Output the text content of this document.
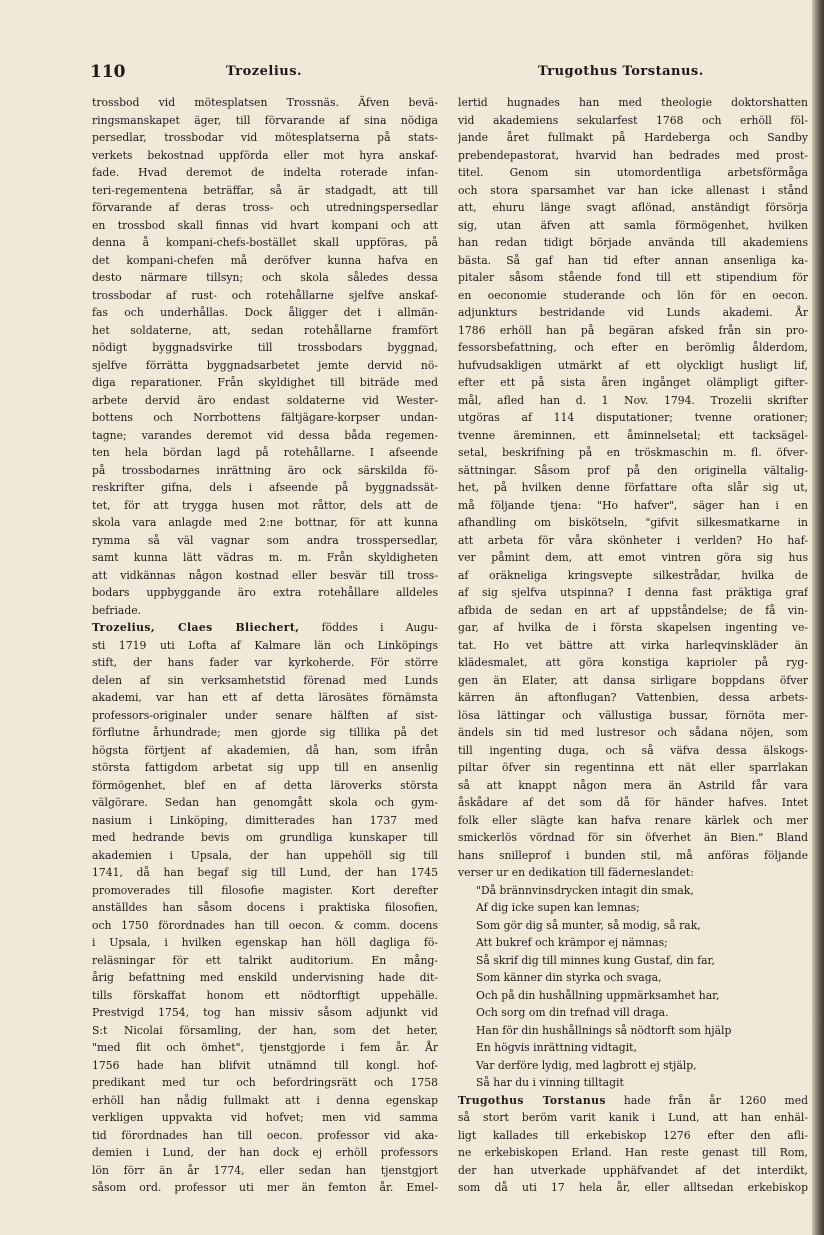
110	Trozelius.	Trugothus Torstanus.
trossbod vid mötesplatsen Trossnäs. Äfven bevä-
ringsmanskapet äger, till förvarande af sina nödiga
persedlar, trossbodar vid mötesplatserna på stats-
verkets bekostnad uppförda eller mot hyra anskaf-
fade. Hvad deremot de indelta roterade infan-
teri-regementena beträffar, så är stadgadt, att till
förvarande af deras tross- och utredningspersedlar
en trossbod skall finnas vid hvart kompani och att
denna å kompani-chefs-bostället skall uppföras, på
det kompani-chefen må deröfver kunna hafva en
desto närmare tillsyn; och skola således dessa
trossbodar af rust- och rotehållarne sjelfve anskaf-
fas och underhållas. Dock åligger det i allmän-
het soldaterne, att, sedan rotehållarne framfört
nödigt byggnadsvirke till trossbodars byggnad,
sjelfve förrätta byggnadsarbetet jemte dervid nö-
diga reparationer. Från skyldighet till biträde med
arbete dervid äro endast soldaterne vid Wester-
bottens och Norrbottens fältjägare-korpser undan-
tagne; varandes deremot vid dessa båda regemen-
ten hela bördan lagd på rotehållarne. I afseende
på trossbodarnes inrättning äro ock särskilda fö-
reskrifter gifna, dels i afseende på byggnadssät-
tet, för att trygga husen mot råttor, dels att de
skola vara anlagde med 2:ne bottnar, för att kunna
rymma så väl vagnar som andra trosspersedlar,
samt kunna lätt vädras m. m. Från skyldigheten
att vidkännas någon kostnad eller besvär till tross-
bodars uppbyggande äro extra rotehållare alldeles
befriade.
Trozelius, Claes Bliechert, föddes i Augu-
sti 1719 uti Lofta af Kalmare län och Linköpings
stift, der hans fader var kyrkoherde. För större
delen af sin verksamhetstid förenad med Lunds
akademi, var han ett af detta lärosätes förnämsta
professors-originaler under senare hälften af sist-
förflutne århundrade; men gjorde sig tillika på det
högsta förtjent af akademien, då han, som ifrån
största fattigdom arbetat sig upp till en ansenlig
förmögenhet, blef en af detta läroverks största
välgörare. Sedan han genomgått skola och gym-
nasium i Linköping, dimitterades han 1737 med
med hedrande bevis om grundliga kunskaper till
akademien i Upsala, der han uppehöll sig till
1741, då han begaf sig till Lund, der han 1745
promoverades till filosofie magister. Kort derefter
anställdes han såsom docens i praktiska filosofien,
och 1750 förordnades han till oecon. & comm. docens
i Upsala, i hvilken egenskap han höll dagliga fö-
reläsningar för ett talrikt auditorium. En mång-
årig befattning med enskild undervisning hade dit-
tills förskaffat honom ett nödtorftigt uppehälle.
Prestvigd 1754, tog han missiv såsom adjunkt vid
S:t Nicolai församling, der han, som det heter,
"med flit och ömhet", tjenstgjorde i fem år. År
1756 hade han blifvit utnämnd till kongl. hof-
predikant med tur och befordringsrätt och 1758
erhöll han nådig fullmakt att i denna egenskap
verkligen uppvakta vid hofvet; men vid samma
tid förordnades han till oecon. professor vid aka-
demien i Lund, der han dock ej erhöll professors
lön förr än år 1774, eller sedan han tjenstgjort
såsom ord. professor uti mer än femton år. Emel-
lertid hugnades han med theologie doktorshatten
vid akademiens sekularfest 1768 och erhöll föl-
jande året fullmakt på Hardeberga och Sandby
prebendepastorat, hvarvid han bedrades med prost-
titel. Genom sin utomordentliga arbetsförmåga
och stora sparsamhet var han icke allenast i stånd
att, ehuru länge svagt aflönad, anständigt försörja
sig, utan äfven att samla förmögenhet, hvilken
han redan tidigt började använda till akademiens
bästa. Så gaf han tid efter annan ansenliga ka-
pitaler såsom stående fond till ett stipendium för
en oeconomie studerande och lön för en oecon.
adjunkturs bestridande vid Lunds akademi. År
1786 erhöll han på begäran afsked från sin pro-
fessorsbefattning, och efter en berömlig ålderdom,
hufvudsakligen utmärkt af ett olyckligt husligt lif,
efter ett på sista åren ingånget olämpligt gifter-
mål, afled han d. 1 Nov. 1794. Trozelii skrifter
utgöras af 114 disputationer; tvenne orationer;
tvenne äreminnen, ett åminnelsetal; ett tacksägel-
setal, beskrifning på en tröskmaschin m. fl. öfver-
sättningar. Såsom prof på den originella vältalig-
het, på hvilken denne författare ofta slår sig ut,
må följande tjena: "Ho hafver", säger han i en
afhandling om biskötseln, "gifvit silkesmatkarne in
att arbeta för våra skönheter i verlden? Ho haf-
ver påmint dem, att emot vintren göra sig hus
af oräkneliga kringsvepte silkestrådar, hvilka de
af sig sjelfva utspinna? I denna fast präktiga graf
afbida de sedan en art af uppståndelse; de få vin-
gar, af hvilka de i första skapelsen ingenting ve-
tat. Ho vet bättre att virka harleqvinskläder än
klädesmalet, att göra konstiga kaprioler på ryg-
gen än Elater, att dansa sirligare boppdans öfver
kärren än aftonflugan? Vattenbien, dessa arbets-
lösa lättingar och vällustiga bussar, förnöta mer-
ändels sin tid med lustresor och sådana nöjen, som
till ingenting duga, och så väfva dessa älskogs-
piltar öfver sin regentinna ett nät eller sparrlakan
så att knappt någon mera än Astrild får vara
åskådare af det som då för händer hafves. Intet
folk eller slägte kan hafva renare kärlek och mer
smickerlös vördnad för sin öfverhet än Bien." Bland
hans snilleprof i bunden stil, må anföras följande
verser ur en dedikation till fäderneslandet:
"Då brännvinsdrycken intagit din smak,
Af dig icke supen kan lemnas;
Som gör dig så munter, så modig, så rak,
Att bukref och krämpor ej nämnas;
Så skrif dig till minnes kung Gustaf, din far,
Som känner din styrka och svaga,
Och på din hushållning uppmärksamhet har,
Och sorg om din trefnad vill draga.
Han för din hushållnings så nödtorft som hjälp
En högvis inrättning vidtagit,
Var derföre lydig, med lagbrott ej stjälp,
Så har du i vinning tilltagit
Trugothus Torstanus hade från år 1260 med
så stort beröm varit kanik i Lund, att han enhäl-
ligt kallades till erkebiskop 1276 efter den afli-
ne erkebiskopen Erland. Han reste genast till Rom,
der han utverkade upphäfvandet af det interdikt,
som då uti 17 hela år, eller alltsedan erkebiskop
